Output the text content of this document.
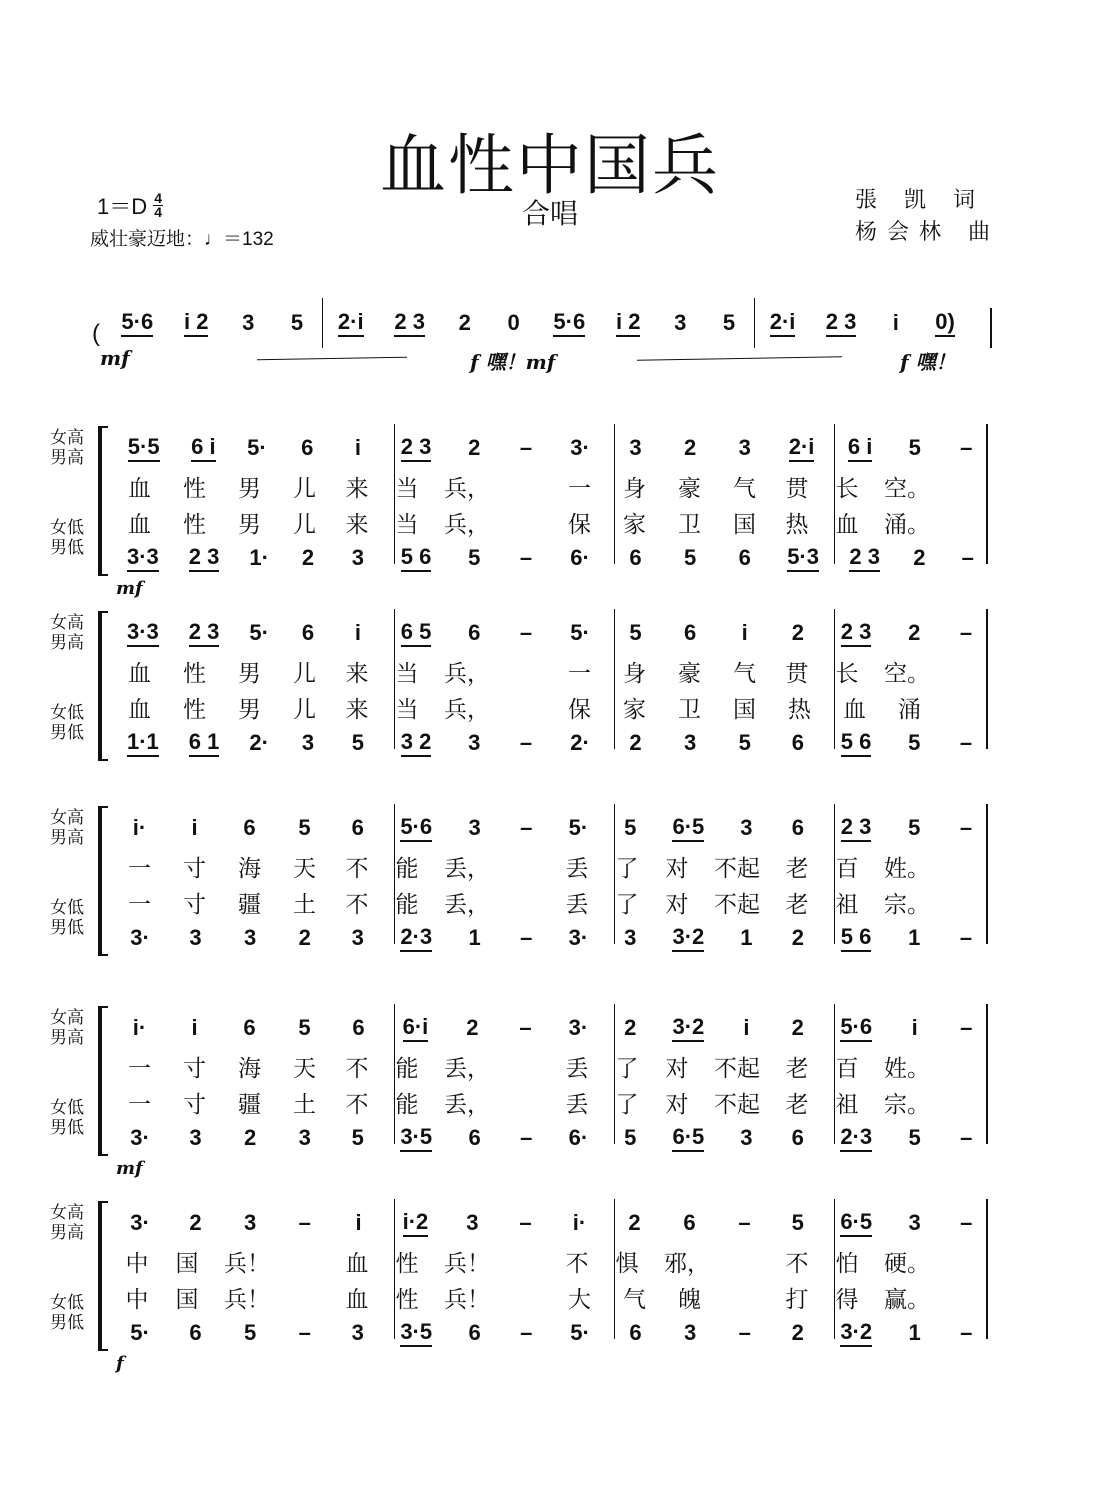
血性中国兵
合唱
$1=D \frac{4}{4}$
威壮豪迈地：♩＝132
張 凯 词
杨会林 曲
( 5·6 i 2 3 5 2·i 2 3 2 0 5·6 i 2 3 5 2·i 2 3 i 0)
mf	f 嘿！mf	f 嘿！
女高
男高
女低
男低
5·5 6 i 5· 6 i 2 3 2 – 3· 3 2 3 2·i 6 i 5 –
血 性 男 儿 来 当 兵，	一 身 豪 气 贯 长 空。
血 性 男 儿 来 当 兵，	保 家 卫 国 热 血 涌。
3·3 2 3 1· 2 3 5 6 5 – 6· 6 5 6 5·3 2 3 2 –
mf
女高
男高
女低
男低
3·3 2 3 5· 6 i 6 5 6 – 5· 5 6 i 2 2 3 2 –
血 性 男 儿 来 当 兵，	一 身 豪 气 贯 长 空。
血 性 男 儿 来 当 兵，	保 家 卫 国 热 血 涌
1·1 6 1 2· 3 5 3 2 3 – 2· 2 3 5 6 5 6 5 –
女高
男高
女低
男低
i· i 6 5 6 5·6 3 – 5· 5 6·5 3 6 2 3 5 –
一 寸 海 天 不 能 丢，	丢 了 对 不起 老 百 姓。
一 寸 疆 土 不 能 丢，	丢 了 对 不起 老 祖 宗。
3· 3 3 2 3 2·3 1 – 3· 3 3·2 1 2 5 6 1 –
女高
男高
女低
男低
i· i 6 5 6 6·i 2 – 3· 2 3·2 i 2 5·6 i –
一 寸 海 天 不 能 丢，	丢 了 对 不起 老 百 姓。
一 寸 疆 土 不 能 丢，	丢 了 对 不起 老 祖 宗。
3· 3 2 3 5 3·5 6 – 6· 5 6·5 3 6 2·3 5 –
mf
女高
男高
女低
男低
3· 2 3 – i i·2 3 – i· 2 6 – 5 6·5 3 –
中 国 兵！	血 性 兵！	不 惧 邪，	不 怕 硬。
中 国 兵！	血 性 兵！	大 气 魄	打 得 赢。
5· 6 5 – 3 3·5 6 – 5· 6 3 – 2 3·2 1 –
f
